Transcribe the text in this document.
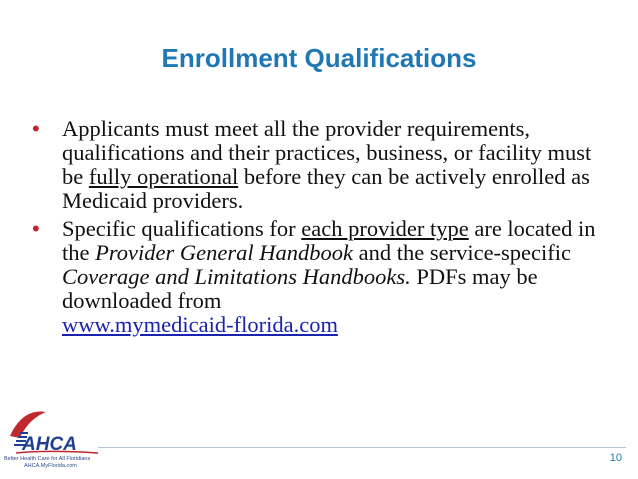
Enrollment Qualifications
• Applicants must meet all the provider requirements, qualifications and their practices, business, or facility must be fully operational before they can be actively enrolled as Medicaid providers.
• Specific qualifications for each provider type are located in the Provider General Handbook and the service-specific Coverage and Limitations Handbooks. PDFs may be downloaded from
www.mymedicaid-florida.com
10
AHCA
Better Health Care for All Floridians
AHCA.MyFlorida.com
